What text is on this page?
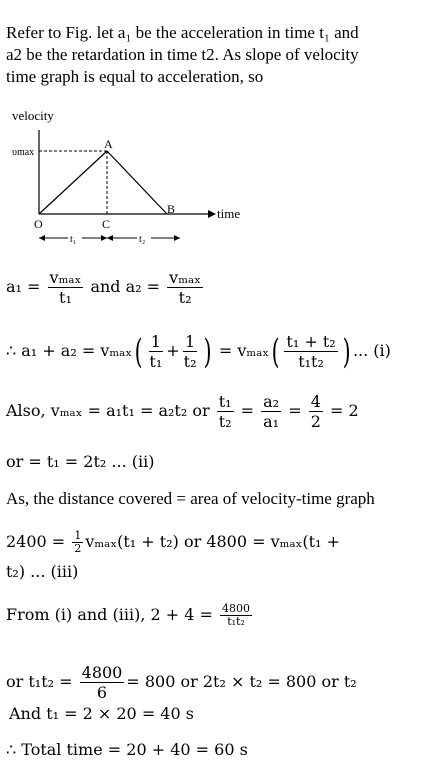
Refer to Fig. let a₁ be the acceleration in time t₁ and
a2 be the retardation in time t2. As slope of velocity
time graph is equal to acceleration, so
velocity
time
υmax
A
B
C
O
t₁	t₂
$a_1 = \frac{\text{vₘₐₓ}}{\text{t₁}}$ and $a_2 = \frac{\text{vₘₐₓ}}{\text{t₂}}$
∴ $a_1 + a_2 = v_{max}( \frac{1}{\text{t₁}} + \frac{1}{\text{t₂}}$ ) = $v_{max}( \frac{\text{t₁ + t₂}}{\text{t₁t₂}}$ ) ... (i)
Also, vₘₐₓ = a₁t₁ = a₂t₂ or $\frac{\text{t₁}}{\text{t₂}} = \frac{\text{a₂}}{\text{a₁}} = \frac{4}{2} = 2$
or = t₁ = 2t₂ ... (ii)
As, the distance covered = area of velocity-time graph
$2400 = \frac{1}{2} v_{max}(t_1 + t_2)$ or 4800 = vₘₐₓ(t₁ +
t₂) ... (iii)
From (i) and (iii), $2 + 4 = \frac{4800}{\text{t₁t₂}}$
or $t_1t_2 = \frac{4800}{6} = 800$ or 2t₂ × t₂ = 800 or t₂
And t₁ = 2 × 20 = 40 s
∴ Total time = 20 + 40 = 60 s
